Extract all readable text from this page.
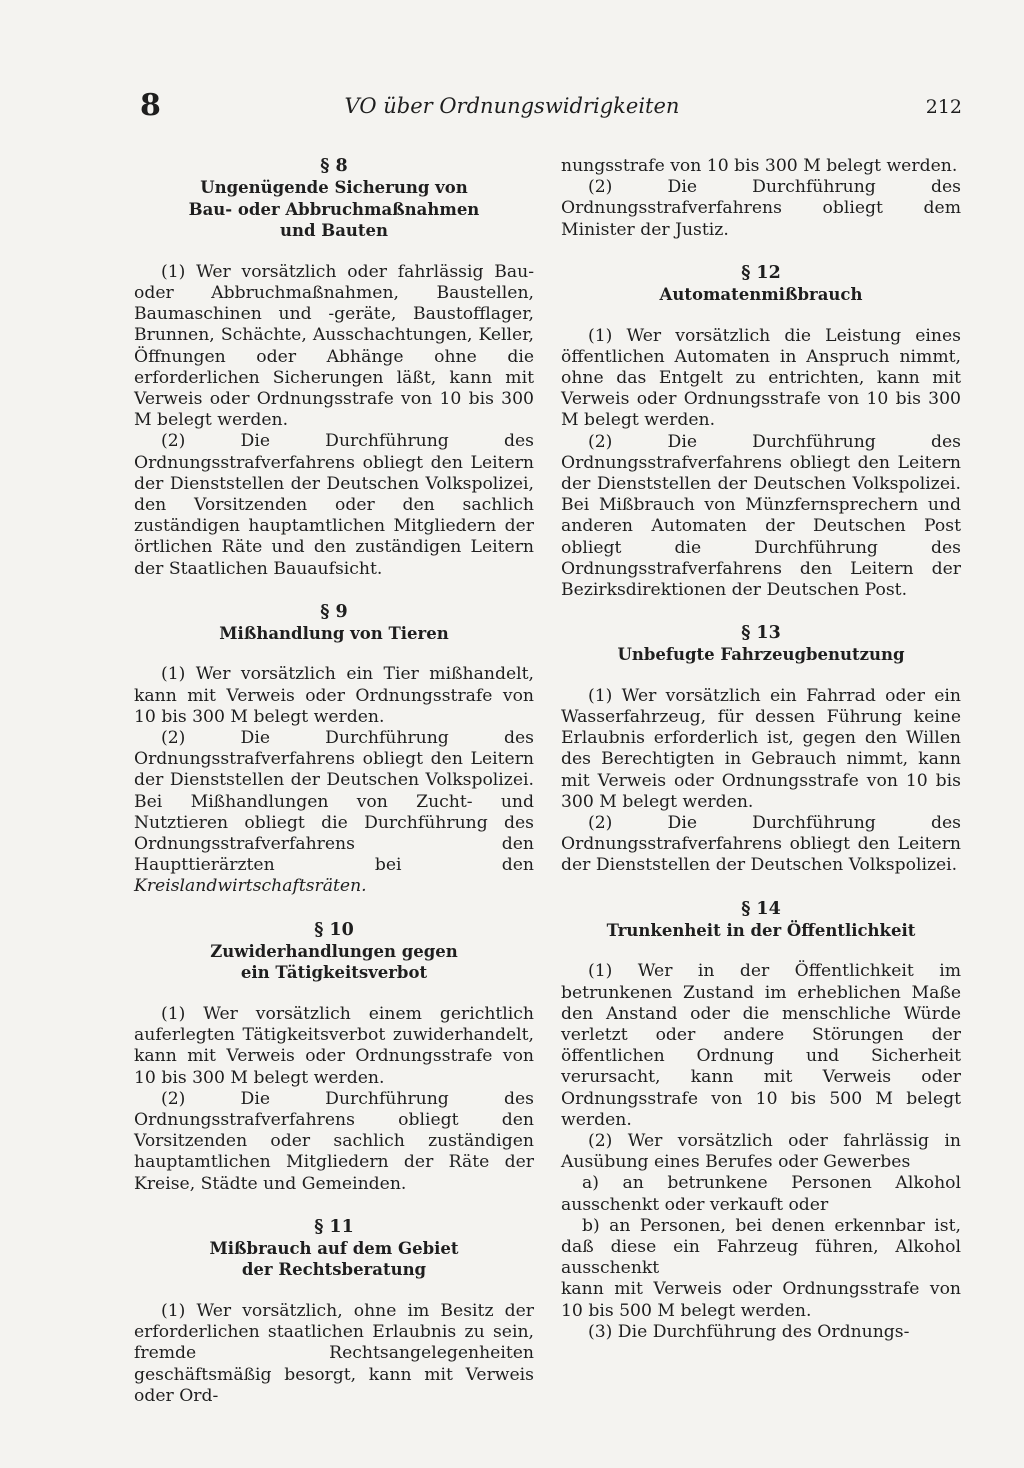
8	VO über Ordnungswidrigkeiten	212
§ 8
Ungenügende Sicherung von Bau- oder Abbruchmaßnahmen und Bauten

(1) Wer vorsätzlich oder fahrlässig Bau- oder Abbruchmaßnahmen, Baustellen, Baumaschinen und -geräte, Baustofflager, Brunnen, Schächte, Ausschachtungen, Keller, Öffnungen oder Abhänge ohne die erforderlichen Sicherungen läßt, kann mit Verweis oder Ordnungsstrafe von 10 bis 300 M belegt werden.

(2) Die Durchführung des Ordnungsstrafverfahrens obliegt den Leitern der Dienststellen der Deutschen Volkspolizei, den Vorsitzenden oder den sachlich zuständigen hauptamtlichen Mitgliedern der örtlichen Räte und den zuständigen Leitern der Staatlichen Bauaufsicht.

§ 9
Mißhandlung von Tieren

(1) Wer vorsätzlich ein Tier mißhandelt, kann mit Verweis oder Ordnungsstrafe von 10 bis 300 M belegt werden.

(2) Die Durchführung des Ordnungsstrafverfahrens obliegt den Leitern der Dienststellen der Deutschen Volkspolizei. Bei Mißhandlungen von Zucht- und Nutztieren obliegt die Durchführung des Ordnungsstrafverfahrens den Haupttierärzten bei den Kreislandwirtschaftsräten.

§ 10
Zuwiderhandlungen gegen ein Tätigkeitsverbot

(1) Wer vorsätzlich einem gerichtlich auferlegten Tätigkeitsverbot zuwiderhandelt, kann mit Verweis oder Ordnungsstrafe von 10 bis 300 M belegt werden.

(2) Die Durchführung des Ordnungsstrafverfahrens obliegt den Vorsitzenden oder sachlich zuständigen hauptamtlichen Mitgliedern der Räte der Kreise, Städte und Gemeinden.

§ 11
Mißbrauch auf dem Gebiet der Rechtsberatung

(1) Wer vorsätzlich, ohne im Besitz der erforderlichen staatlichen Erlaubnis zu sein, fremde Rechtsangelegenheiten geschäftsmäßig besorgt, kann mit Verweis oder Ord-

nungsstrafe von 10 bis 300 M belegt werden.

(2) Die Durchführung des Ordnungsstrafverfahrens obliegt dem Minister der Justiz.

§ 12
Automatenmißbrauch

(1) Wer vorsätzlich die Leistung eines öffentlichen Automaten in Anspruch nimmt, ohne das Entgelt zu entrichten, kann mit Verweis oder Ordnungsstrafe von 10 bis 300 M belegt werden.

(2) Die Durchführung des Ordnungsstrafverfahrens obliegt den Leitern der Dienststellen der Deutschen Volkspolizei. Bei Mißbrauch von Münzfernsprechern und anderen Automaten der Deutschen Post obliegt die Durchführung des Ordnungsstrafverfahrens den Leitern der Bezirksdirektionen der Deutschen Post.

§ 13
Unbefugte Fahrzeugbenutzung

(1) Wer vorsätzlich ein Fahrrad oder ein Wasserfahrzeug, für dessen Führung keine Erlaubnis erforderlich ist, gegen den Willen des Berechtigten in Gebrauch nimmt, kann mit Verweis oder Ordnungsstrafe von 10 bis 300 M belegt werden.

(2) Die Durchführung des Ordnungsstrafverfahrens obliegt den Leitern der Dienststellen der Deutschen Volkspolizei.

§ 14
Trunkenheit in der Öffentlichkeit

(1) Wer in der Öffentlichkeit im betrunkenen Zustand im erheblichen Maße den Anstand oder die menschliche Würde verletzt oder andere Störungen der öffentlichen Ordnung und Sicherheit verursacht, kann mit Verweis oder Ordnungsstrafe von 10 bis 500 M belegt werden.

(2) Wer vorsätzlich oder fahrlässig in Ausübung eines Berufes oder Gewerbes

a) an betrunkene Personen Alkohol ausschenkt oder verkauft oder

b) an Personen, bei denen erkennbar ist, daß diese ein Fahrzeug führen, Alkohol ausschenkt

kann mit Verweis oder Ordnungsstrafe von 10 bis 500 M belegt werden.

(3) Die Durchführung des Ordnungs-
